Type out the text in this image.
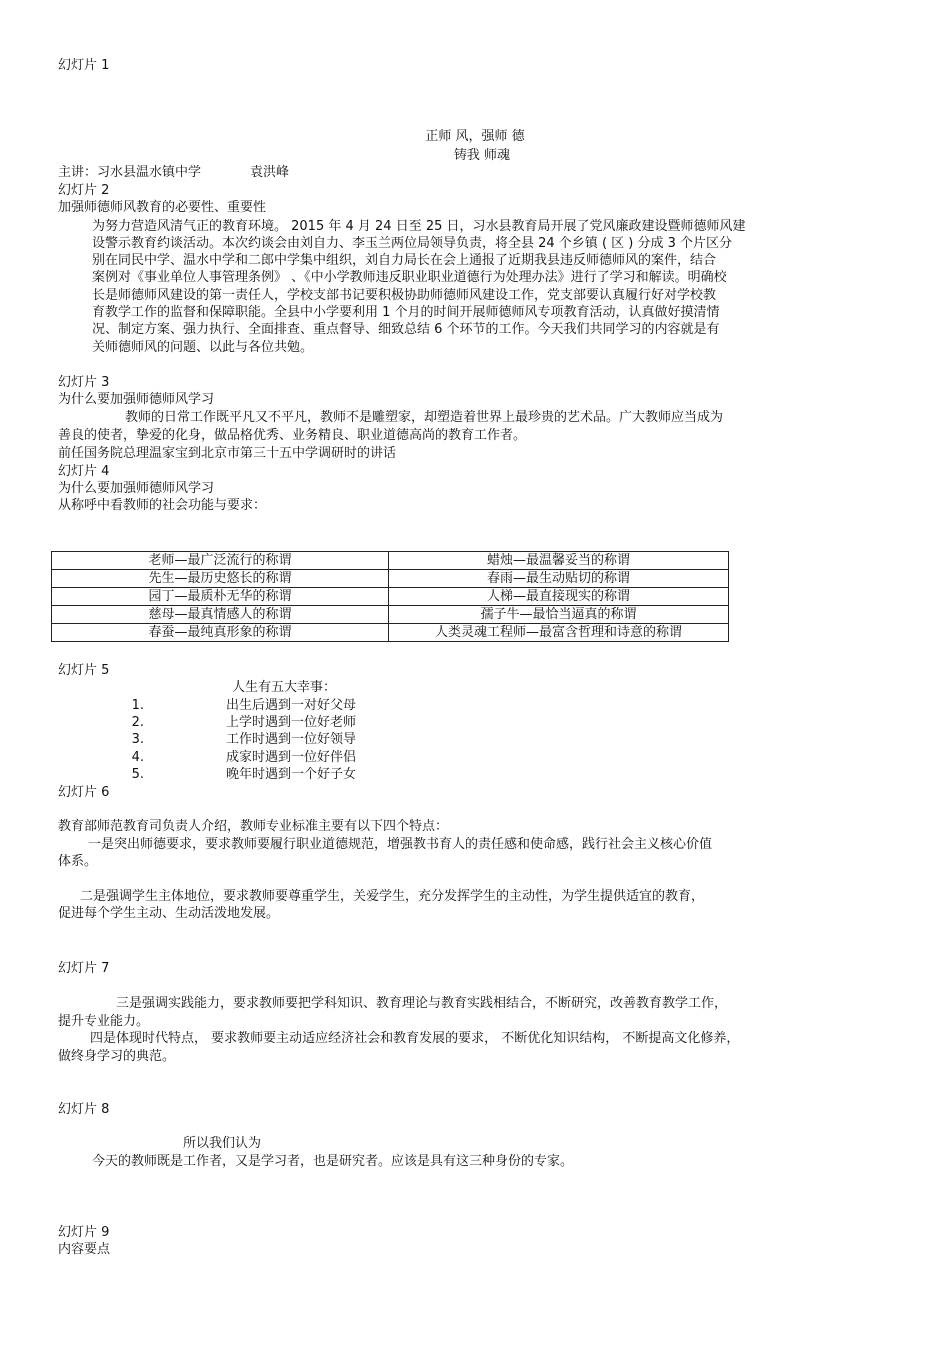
幻灯片 1
正师 风，强师 德
铸我 师魂
主讲：习水县温水镇中学	袁洪峰
幻灯片 2
加强师德师风教育的必要性、重要性
为努力营造风清气正的教育环境。 2015 年 4 月 24 日至 25 日，习水县教育局开展了党风廉政建设暨师德师风建
设警示教育约谈活动。本次约谈会由刘自力、李玉兰两位局领导负责，将全县 24 个乡镇 ( 区 ) 分成 3 个片区分
别在同民中学、温水中学和二郎中学集中组织，刘自力局长在会上通报了近期我县违反师德师风的案件，结合
案例对《事业单位人事管理条例》 、《中小学教师违反职业职业道德行为处理办法》进行了学习和解读。明确校
长是师德师风建设的第一责任人，学校支部书记要积极协助师德师风建设工作，党支部要认真履行好对学校教
育教学工作的监督和保障职能。全县中小学要利用 1 个月的时间开展师德师风专项教育活动，认真做好摸清情
况、制定方案、强力执行、全面排查、重点督导、细致总结 6 个环节的工作。今天我们共同学习的内容就是有
关师德师风的问题、以此与各位共勉。
幻灯片 3
为什么要加强师德师风学习
教师的日常工作既平凡又不平凡，教师不是雕塑家，却塑造着世界上最珍贵的艺术品。广大教师应当成为
善良的使者，挚爱的化身，做品格优秀、业务精良、职业道德高尚的教育工作者。
前任国务院总理温家宝到北京市第三十五中学调研时的讲话
幻灯片 4
为什么要加强师德师风学习
从称呼中看教师的社会功能与要求：
老师—最广泛流行的称谓	蜡烛—最温馨妥当的称谓
先生—最历史悠长的称谓	春雨—最生动贴切的称谓
园丁—最质朴无华的称谓	人梯—最直接现实的称谓
慈母—最真情感人的称谓	孺子牛—最恰当逼真的称谓
春蚕—最纯真形象的称谓	人类灵魂工程师—最富含哲理和诗意的称谓
幻灯片 5
人生有五大幸事：
1.	出生后遇到一对好父母
2.	上学时遇到一位好老师
3.	工作时遇到一位好领导
4.	成家时遇到一位好伴侣
5.	晚年时遇到一个好子女
幻灯片 6
教育部师范教育司负责人介绍，教师专业标准主要有以下四个特点：
一是突出师德要求，要求教师要履行职业道德规范，增强教书育人的责任感和使命感，践行社会主义核心价值
体系。
二是强调学生主体地位，要求教师要尊重学生，关爱学生，充分发挥学生的主动性，为学生提供适宜的教育，
促进每个学生主动、生动活泼地发展。
幻灯片 7
三是强调实践能力，要求教师要把学科知识、教育理论与教育实践相结合，不断研究，改善教育教学工作，
提升专业能力。
四是体现时代特点， 要求教师要主动适应经济社会和教育发展的要求， 不断优化知识结构， 不断提高文化修养，
做终身学习的典范。
幻灯片 8
所以我们认为
今天的教师既是工作者，又是学习者，也是研究者。应该是具有这三种身份的专家。
幻灯片 9
内容要点
